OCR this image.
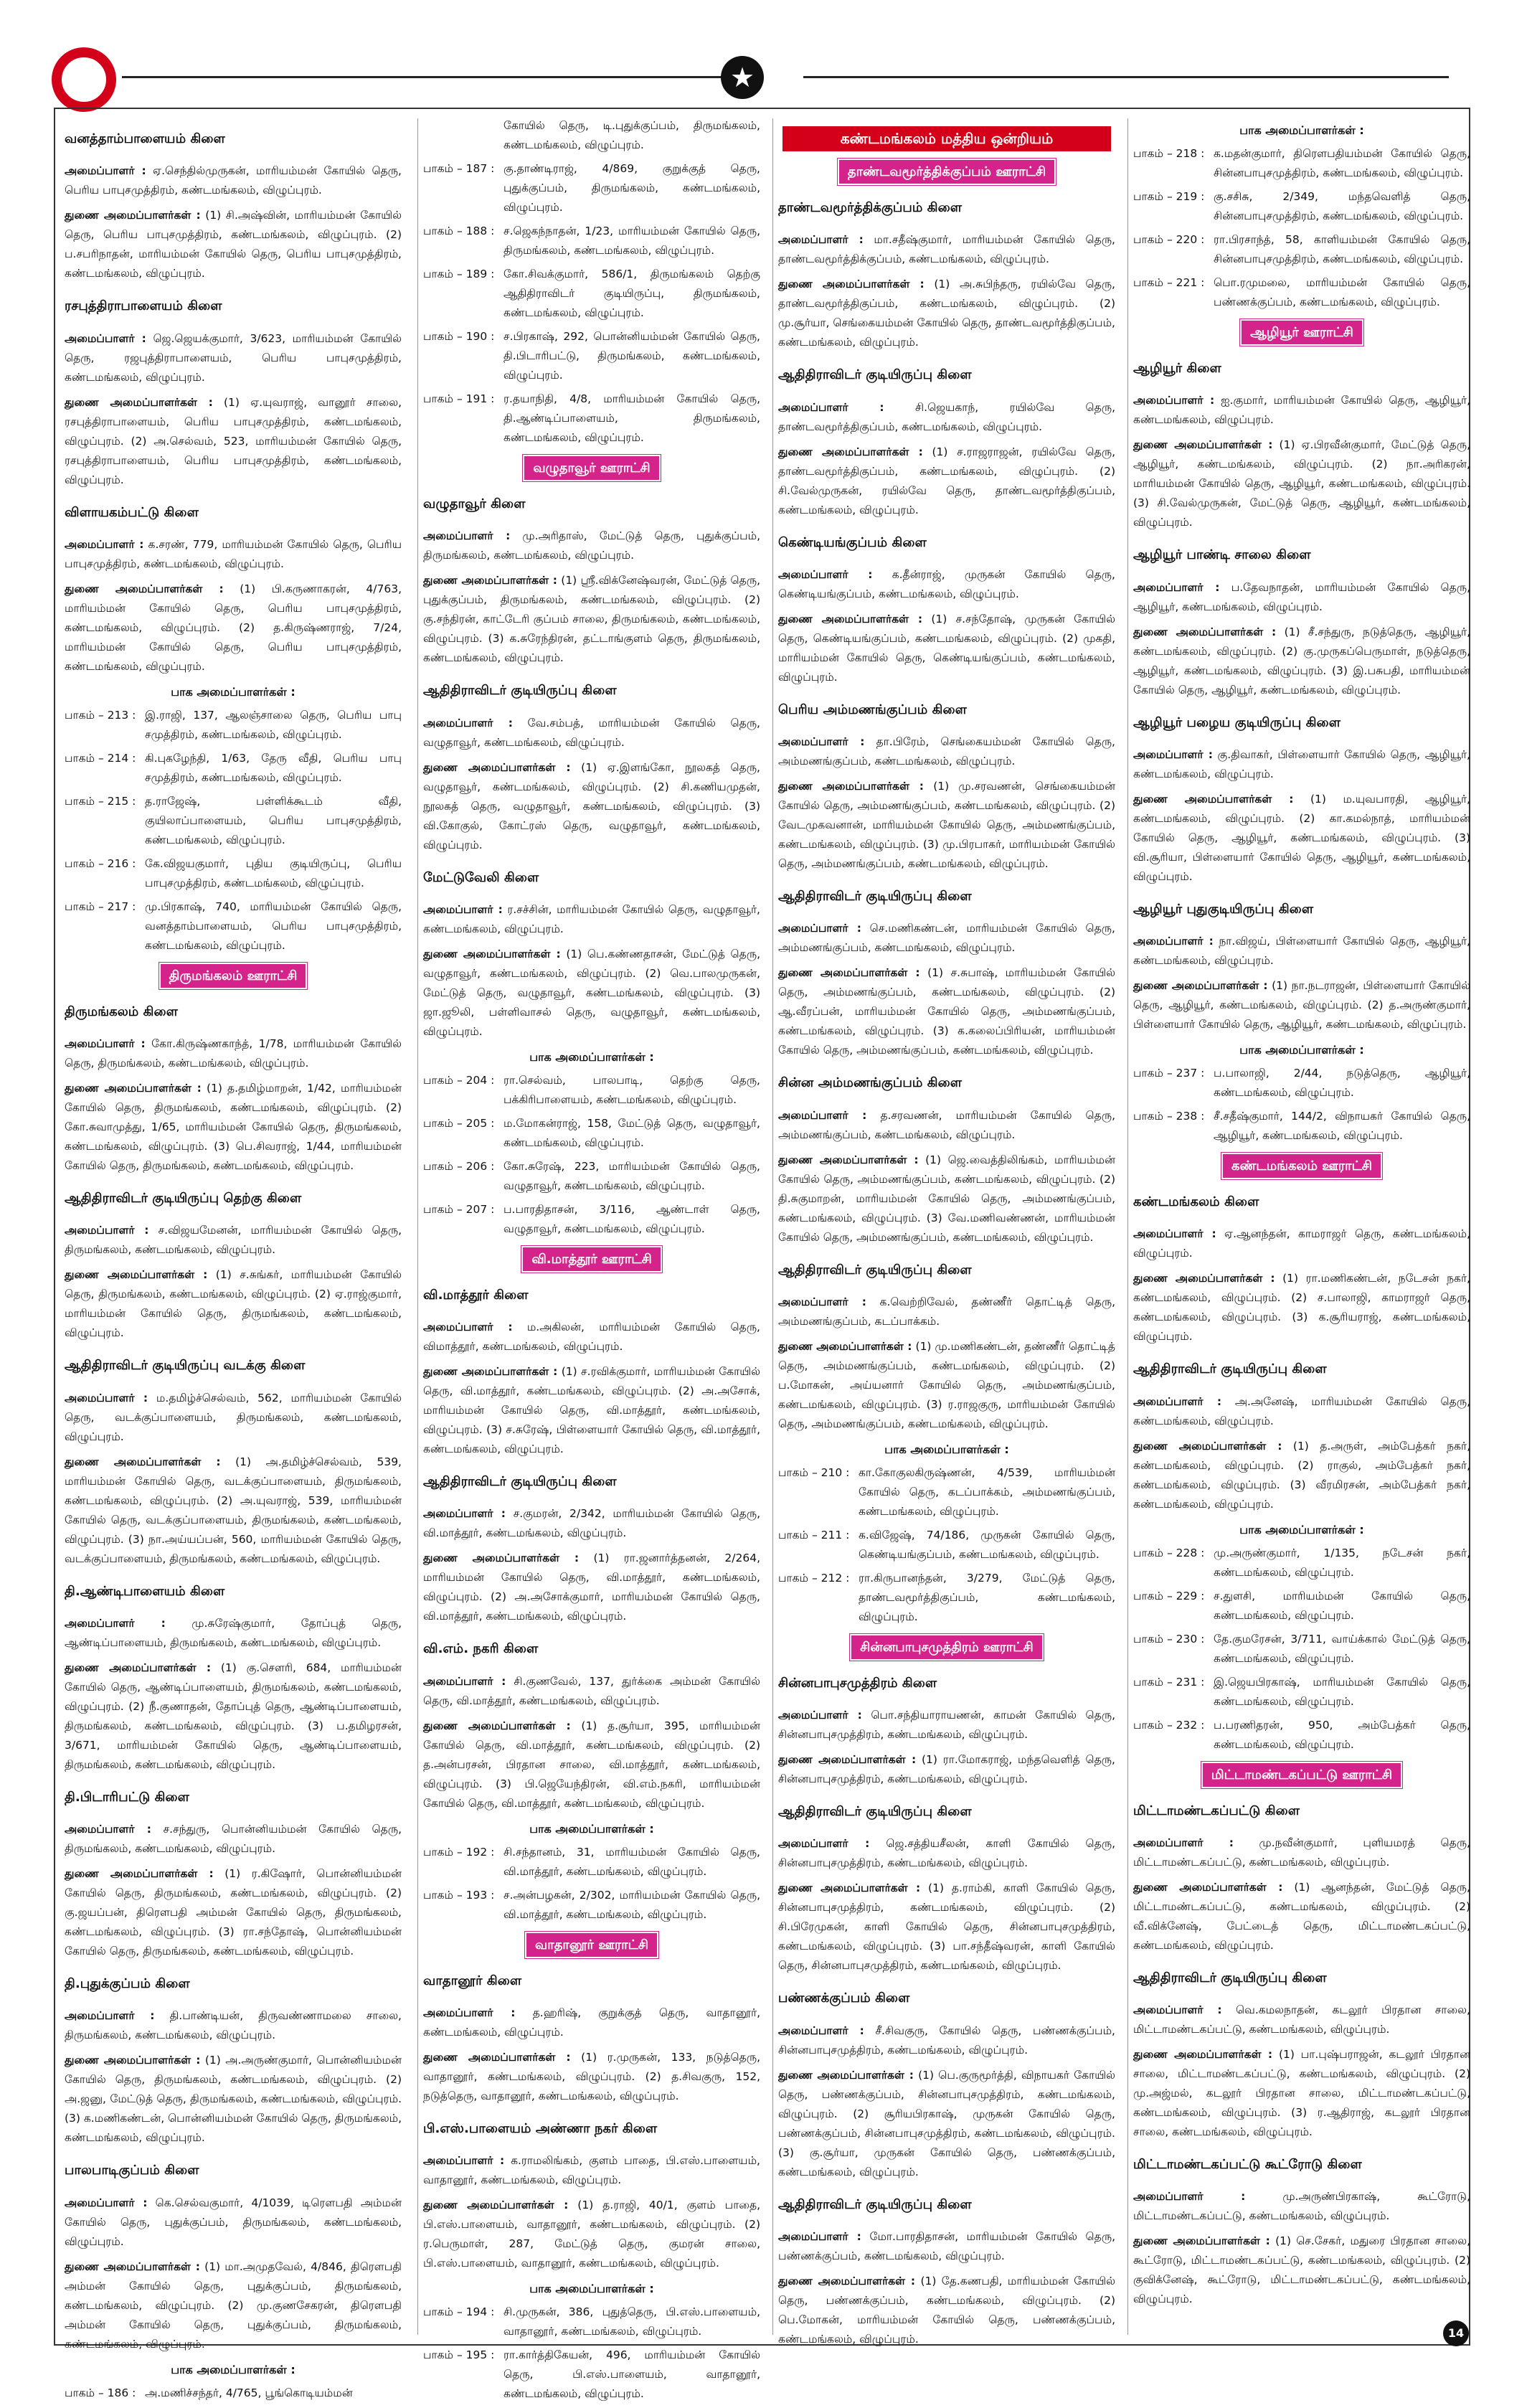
★
வனத்தாம்பாளையம் கிளை

அமைப்பாளர் : ஏ.செந்தில்முருகன், மாரியம்மன் கோயில் தெரு, பெரிய பாபுசமுத்திரம், கண்டமங்கலம், விழுப்புரம்.

துணை அமைப்பாளர்கள் : (1) சி.அஷ்வின், மாரியம்மன் கோயில் தெரு, பெரிய பாபுசமுத்திரம், கண்டமங்கலம், விழுப்புரம். (2) ப.சபரிநாதன், மாரியம்மன் கோயில் தெரு, பெரிய பாபுசமுத்திரம், கண்டமங்கலம், விழுப்புரம்.

ரசபுத்திராபாளையம் கிளை

அமைப்பாளர் : ஜெ.ஜெயக்குமார், 3/623, மாரியம்மன் கோயில் தெரு, ரஜபுத்திராபாளையம், பெரிய பாபுசமுத்திரம், கண்டமங்கலம், விழுப்புரம்.

துணை அமைப்பாளர்கள் : (1) ஏ.யுவராஜ், வானூர் சாலை, ரசபுத்திராபாளையம், பெரிய பாபுசமுத்திரம், கண்டமங்கலம், விழுப்புரம். (2) அ.செல்வம், 523, மாரியம்மன் கோயில் தெரு, ரசபுத்திராபாளையம், பெரிய பாபுசமுத்திரம், கண்டமங்கலம், விழுப்புரம்.

விளாயகம்பட்டு கிளை

அமைப்பாளர் : க.சரண், 779, மாரியம்மன் கோயில் தெரு, பெரிய பாபுசமுத்திரம், கண்டமங்கலம், விழுப்புரம்.

துணை அமைப்பாளர்கள் : (1) பி.கருணாகரன், 4/763, மாரியம்மன் கோயில் தெரு, பெரிய பாபுசமுத்திரம், கண்டமங்கலம், விழுப்புரம். (2) த.கிருஷ்ணராஜ், 7/24, மாரியம்மன் கோயில் தெரு, பெரிய பாபுசமுத்திரம், கண்டமங்கலம், விழுப்புரம்.

பாக அமைப்பாளர்கள் :
பாகம் – 213 : இ.ராஜி, 137, ஆலஞ்சாலை தெரு, பெரிய பாபு சமுத்திரம், கண்டமங்கலம், விழுப்புரம்.
பாகம் – 214 : கி.புகழேந்தி, 1/63, தேரு வீதி, பெரிய பாபு சமுத்திரம், கண்டமங்கலம், விழுப்புரம்.
பாகம் – 215 : த.ராஜேஷ், பள்ளிக்கூடம் வீதி, குயிலாப்பாளையம், பெரிய பாபுசமுத்திரம், கண்டமங்கலம், விழுப்புரம்.
பாகம் – 216 : கே.விஜயகுமார், புதிய குடியிருப்பு, பெரிய பாபுசமுத்திரம், கண்டமங்கலம், விழுப்புரம்.
பாகம் – 217 : மு.பிரகாஷ், 740, மாரியம்மன் கோயில் தெரு, வனத்தாம்பாளையம், பெரிய பாபுசமுத்திரம், கண்டமங்கலம், விழுப்புரம்.
திருமங்கலம் ஊராட்சி
திருமங்கலம் கிளை

அமைப்பாளர் : கோ.கிருஷ்ணகாந்த், 1/78, மாரியம்மன் கோயில் தெரு, திருமங்கலம், கண்டமங்கலம், விழுப்புரம்.

துணை அமைப்பாளர்கள் : (1) த.தமிழ்மாறன், 1/42, மாரியம்மன் கோயில் தெரு, திருமங்கலம், கண்டமங்கலம், விழுப்புரம். (2) கோ.சுவாமுத்து, 1/65, மாரியம்மன் கோயில் தெரு, திருமங்கலம், கண்டமங்கலம், விழுப்புரம். (3) பெ.சிவராஜ், 1/44, மாரியம்மன் கோயில் தெரு, திருமங்கலம், கண்டமங்கலம், விழுப்புரம்.

ஆதிதிராவிடர் குடியிருப்பு தெற்கு கிளை

அமைப்பாளர் : ச.விஜயமேனன், மாரியம்மன் கோயில் தெரு, திருமங்கலம், கண்டமங்கலம், விழுப்புரம்.

துணை அமைப்பாளர்கள் : (1) ச.சுங்கர், மாரியம்மன் கோயில் தெரு, திருமங்கலம், கண்டமங்கலம், விழுப்புரம். (2) ஏ.ராஜ்குமார், மாரியம்மன் கோயில் தெரு, திருமங்கலம், கண்டமங்கலம், விழுப்புரம்.

ஆதிதிராவிடர் குடியிருப்பு வடக்கு கிளை

அமைப்பாளர் : ம.தமிழ்ச்செல்வம், 562, மாரியம்மன் கோயில் தெரு, வடக்குப்பாளையம், திருமங்கலம், கண்டமங்கலம், விழுப்புரம்.

துணை அமைப்பாளர்கள் : (1) அ.தமிழ்ச்செல்வம், 539, மாரியம்மன் கோயில் தெரு, வடக்குப்பாளையம், திருமங்கலம், கண்டமங்கலம், விழுப்புரம். (2) அ.யுவராஜ், 539, மாரியம்மன் கோயில் தெரு, வடக்குப்பாளையம், திருமங்கலம், கண்டமங்கலம், விழுப்புரம். (3) நா.அய்யப்பன், 560, மாரியம்மன் கோயில் தெரு, வடக்குப்பாளையம், திருமங்கலம், கண்டமங்கலம், விழுப்புரம்.

தி.ஆண்டிபாளையம் கிளை

அமைப்பாளர் : மு.சுரேஷ்குமார், தோப்புத் தெரு, ஆண்டிப்பாளையம், திருமங்கலம், கண்டமங்கலம், விழுப்புரம்.

துணை அமைப்பாளர்கள் : (1) கு.சௌரி, 684, மாரியம்மன் கோயில் தெரு, ஆண்டிப்பாளையம், திருமங்கலம், கண்டமங்கலம், விழுப்புரம். (2) நீ.குணாதன், தோப்புத் தெரு, ஆண்டிப்பாளையம், திருமங்கலம், கண்டமங்கலம், விழுப்புரம். (3) ப.தமிழரசன், 3/671, மாரியம்மன் கோயில் தெரு, ஆண்டிப்பாளையம், திருமங்கலம், கண்டமங்கலம், விழுப்புரம்.

தி.பிடாரிபட்டு கிளை

அமைப்பாளர் : ச.சந்துரு, பொன்னியம்மன் கோயில் தெரு, திருமங்கலம், கண்டமங்கலம், விழுப்புரம்.

துணை அமைப்பாளர்கள் : (1) ர.கிஷோர், பொன்னியம்மன் கோயில் தெரு, திருமங்கலம், கண்டமங்கலம், விழுப்புரம். (2) கு.ஜயப்பன், திரௌபதி அம்மன் கோயில் தெரு, திருமங்கலம், கண்டமங்கலம், விழுப்புரம். (3) ரா.சந்தோஷ், பொன்னியம்மன் கோயில் தெரு, திருமங்கலம், கண்டமங்கலம், விழுப்புரம்.

தி.புதுக்குப்பம் கிளை

அமைப்பாளர் : தி.பாண்டியன், திருவண்ணாமலை சாலை, திருமங்கலம், கண்டமங்கலம், விழுப்புரம்.

துணை அமைப்பாளர்கள் : (1) அ.அருண்குமார், பொன்னியம்மன் கோயில் தெரு, திருமங்கலம், கண்டமங்கலம், விழுப்புரம். (2) அ.ஜனு, மேட்டுத் தெரு, திருமங்கலம், கண்டமங்கலம், விழுப்புரம். (3) க.மணிகண்டன், பொன்னியம்மன் கோயில் தெரு, திருமங்கலம், கண்டமங்கலம், விழுப்புரம்.

பாலபாடிகுப்பம் கிளை

அமைப்பாளர் : கெ.செல்வகுமார், 4/1039, டிரௌபதி அம்மன் கோயில் தெரு, புதுக்குப்பம், திருமங்கலம், கண்டமங்கலம், விழுப்புரம்.

துணை அமைப்பாளர்கள் : (1) மா.அமுதவேல், 4/846, திரௌபதி அம்மன் கோயில் தெரு, புதுக்குப்பம், திருமங்கலம், கண்டமங்கலம், விழுப்புரம். (2) மு.குணசேகரன், திரௌபதி அம்மன் கோயில் தெரு, புதுக்குப்பம், திருமங்கலம், கண்டமங்கலம், விழுப்புரம்.

பாக அமைப்பாளர்கள் :
பாகம் – 186 : அ.மணிச்சந்தர், 4/765, பூங்கொடியம்மன்
கோயில் தெரு, டி.புதுக்குப்பம், திருமங்கலம், கண்டமங்கலம், விழுப்புரம்.
பாகம் – 187 : கு.தாண்டிராஜ், 4/869, குறுக்குத் தெரு, புதுக்குப்பம், திருமங்கலம், கண்டமங்கலம், விழுப்புரம்.
பாகம் – 188 : ச.ஜெகந்நாதன், 1/23, மாரியம்மன் கோயில் தெரு, திருமங்கலம், கண்டமங்கலம், விழுப்புரம்.
பாகம் – 189 : கோ.சிவக்குமார், 586/1, திருமங்கலம் தெற்கு ஆதிதிராவிடர் குடியிருப்பு, திருமங்கலம், கண்டமங்கலம், விழுப்புரம்.
பாகம் – 190 : ச.பிரகாஷ், 292, பொன்னியம்மன் கோயில் தெரு, தி.பிடாரிபட்டு, திருமங்கலம், கண்டமங்கலம், விழுப்புரம்.
பாகம் – 191 : ர.தயாநிதி, 4/8, மாரியம்மன் கோயில் தெரு, தி.ஆண்டிப்பாளையம், திருமங்கலம், கண்டமங்கலம், விழுப்புரம்.
வழுதாவூர் ஊராட்சி
வழுதாவூர் கிளை

அமைப்பாளர் : மு.அரிதாஸ், மேட்டுத் தெரு, புதுக்குப்பம், திருமங்கலம், கண்டமங்கலம், விழுப்புரம்.

துணை அமைப்பாளர்கள் : (1) ஸ்ரீ.விக்னேஷ்வரன், மேட்டுத் தெரு, புதுக்குப்பம், திருமங்கலம், கண்டமங்கலம், விழுப்புரம். (2) கு.சந்திரன், காட்டேரி குப்பம் சாலை, திருமங்கலம், கண்டமங்கலம், விழுப்புரம். (3) க.சுரேந்திரன், தட்டாங்குளம் தெரு, திருமங்கலம், கண்டமங்கலம், விழுப்புரம்.

ஆதிதிராவிடர் குடியிருப்பு கிளை

அமைப்பாளர் : வே.சம்பத், மாரியம்மன் கோயில் தெரு, வழுதாவூர், கண்டமங்கலம், விழுப்புரம்.

துணை அமைப்பாளர்கள் : (1) ஏ.இளங்கோ, நூலகத் தெரு, வழுதாவூர், கண்டமங்கலம், விழுப்புரம். (2) சி.கணியமுதன், நூலகத் தெரு, வழுதாவூர், கண்டமங்கலம், விழுப்புரம். (3) வி.கோகுல், கோட்ரஸ் தெரு, வழுதாவூர், கண்டமங்கலம், விழுப்புரம்.

மேட்டுவேலி கிளை

அமைப்பாளர் : ர.சச்சின், மாரியம்மன் கோயில் தெரு, வழுதாவூர், கண்டமங்கலம், விழுப்புரம்.

துணை அமைப்பாளர்கள் : (1) பெ.கண்ணதாசன், மேட்டுத் தெரு, வழுதாவூர், கண்டமங்கலம், விழுப்புரம். (2) வெ.பாலமுருகன், மேட்டுத் தெரு, வழுதாவூர், கண்டமங்கலம், விழுப்புரம். (3) ஜா.ஜூலி, பள்ளிவாசல் தெரு, வழுதாவூர், கண்டமங்கலம், விழுப்புரம்.

பாக அமைப்பாளர்கள் :
பாகம் – 204 : ரா.செல்வம், பாலபாடி, தெற்கு தெரு, பக்கிரிபாளையம், கண்டமங்கலம், விழுப்புரம்.
பாகம் – 205 : ம.மோகன்ராஜ், 158, மேட்டுத் தெரு, வழுதாவூர், கண்டமங்கலம், விழுப்புரம்.
பாகம் – 206 : கோ.சுரேஷ், 223, மாரியம்மன் கோயில் தெரு, வழுதாவூர், கண்டமங்கலம், விழுப்புரம்.
பாகம் – 207 : ப.பாரதிதாசன், 3/116, ஆண்டாள் தெரு, வழுதாவூர், கண்டமங்கலம், விழுப்புரம்.
வி.மாத்தூர் ஊராட்சி
வி.மாத்தூர் கிளை

அமைப்பாளர் : ம.அகிலன், மாரியம்மன் கோயில் தெரு, விமாத்தூர், கண்டமங்கலம், விழுப்புரம்.

துணை அமைப்பாளர்கள் : (1) ச.ரவிக்குமார், மாரியம்மன் கோயில் தெரு, வி.மாத்தூர், கண்டமங்கலம், விழுப்புரம். (2) அ.அசோக், மாரியம்மன் கோயில் தெரு, வி.மாத்தூர், கண்டமங்கலம், விழுப்புரம். (3) ச.சுரேஷ், பிள்ளையார் கோயில் தெரு, வி.மாத்தூர், கண்டமங்கலம், விழுப்புரம்.

ஆதிதிராவிடர் குடியிருப்பு கிளை

அமைப்பாளர் : ச.குமரன், 2/342, மாரியம்மன் கோயில் தெரு, வி.மாத்தூர், கண்டமங்கலம், விழுப்புரம்.

துணை அமைப்பாளர்கள் : (1) ரா.ஜனார்த்தனன், 2/264, மாரியம்மன் கோயில் தெரு, வி.மாத்தூர், கண்டமங்கலம், விழுப்புரம். (2) அ.அசோக்குமார், மாரியம்மன் கோயில் தெரு, வி.மாத்தூர், கண்டமங்கலம், விழுப்புரம்.

வி.எம். நகரி கிளை

அமைப்பாளர் : சி.குணவேல், 137, துர்க்கை அம்மன் கோயில் தெரு, வி.மாத்தூர், கண்டமங்கலம், விழுப்புரம்.

துணை அமைப்பாளர்கள் : (1) த.சூர்யா, 395, மாரியம்மன் கோயில் தெரு, வி.மாத்தூர், கண்டமங்கலம், விழுப்புரம். (2) த.அன்பரசன், பிரதான சாலை, வி.மாத்தூர், கண்டமங்கலம், விழுப்புரம். (3) பி.ஜெயேந்திரன், வி.எம்.நகரி, மாரியம்மன் கோயில் தெரு, வி.மாத்தூர், கண்டமங்கலம், விழுப்புரம்.

பாக அமைப்பாளர்கள் :
பாகம் – 192 : சி.சந்தானம், 31, மாரியம்மன் கோயில் தெரு, வி.மாத்தூர், கண்டமங்கலம், விழுப்புரம்.
பாகம் – 193 : ச.அன்பழகன், 2/302, மாரியம்மன் கோயில் தெரு, வி.மாத்தூர், கண்டமங்கலம், விழுப்புரம்.
வாதானூர் ஊராட்சி
வாதானூர் கிளை

அமைப்பாளர் : த.ஹரிஷ், குறுக்குத் தெரு, வாதானூர், கண்டமங்கலம், விழுப்புரம்.

துணை அமைப்பாளர்கள் : (1) ர.முருகன், 133, நடுத்தெரு, வாதானூர், கண்டமங்கலம், விழுப்புரம். (2) த.சிவகுரு, 152, நடுத்தெரு, வாதானூர், கண்டமங்கலம், விழுப்புரம்.

பி.எஸ்.பாளையம் அண்ணா நகர் கிளை

அமைப்பாளர் : க.ராமலிங்கம், குளம் பாதை, பி.எஸ்.பாளையம், வாதானூர், கண்டமங்கலம், விழுப்புரம்.

துணை அமைப்பாளர்கள் : (1) த.ராஜி, 40/1, குளம் பாதை, பி.எஸ்.பாளையம், வாதானூர், கண்டமங்கலம், விழுப்புரம். (2) ர.பெருமாள், 287, மேட்டுத் தெரு, குமரன் சாலை, பி.எஸ்.பாளையம், வாதானூர், கண்டமங்கலம், விழுப்புரம்.

பாக அமைப்பாளர்கள் :
பாகம் – 194 : சி.முருகன், 386, புதுத்தெரு, பி.எஸ்.பாளையம், வாதானூர், கண்டமங்கலம், விழுப்புரம்.
பாகம் – 195 : ரா.கார்த்திகேயன், 496, மாரியம்மன் கோயில் தெரு, பி.எஸ்.பாளையம், வாதானூர், கண்டமங்கலம், விழுப்புரம்.
கண்டமங்கலம் மத்திய ஒன்றியம்
தாண்டவமூர்த்திக்குப்பம் ஊராட்சி
தாண்டவமூர்த்திக்குப்பம் கிளை

அமைப்பாளர் : மா.சதீஷ்குமார், மாரியம்மன் கோயில் தெரு, தாண்டவமூர்த்திக்குப்பம், கண்டமங்கலம், விழுப்புரம்.

துணை அமைப்பாளர்கள் : (1) அ.சுபிந்தரு, ரயில்வே தெரு, தாண்டவமூர்த்திகுப்பம், கண்டமங்கலம், விழுப்புரம். (2) மு.சூர்யா, செங்கையம்மன் கோயில் தெரு, தாண்டவமூர்த்திகுப்பம், கண்டமங்கலம், விழுப்புரம்.

ஆதிதிராவிடர் குடியிருப்பு கிளை

அமைப்பாளர் :	சி.ஜெயகாந், ரயில்வே தெரு, தாண்டவமூர்த்திகுப்பம், கண்டமங்கலம், விழுப்புரம்.

துணை அமைப்பாளர்கள் : (1) ச.ராஜராஜன், ரயில்வே தெரு, தாண்டவமூர்த்திகுப்பம், கண்டமங்கலம், விழுப்புரம். (2) சி.வேல்முருகன், ரயில்வே தெரு, தாண்டவமூர்த்திகுப்பம், கண்டமங்கலம், விழுப்புரம்.

கெண்டியங்குப்பம் கிளை

அமைப்பாளர் : க.தீன்ராஜ், முருகன் கோயில் தெரு, கெண்டியங்குப்பம், கண்டமங்கலம், விழுப்புரம்.

துணை அமைப்பாளர்கள் : (1) ச.சந்தோஷ், முருகன் கோயில் தெரு, கெண்டியங்குப்பம், கண்டமங்கலம், விழுப்புரம். (2) முகதி, மாரியம்மன் கோயில் தெரு, கெண்டியங்குப்பம், கண்டமங்கலம், விழுப்புரம்.

பெரிய அம்மணங்குப்பம் கிளை

அமைப்பாளர் : தா.பிரேம், செங்கையம்மன் கோயில் தெரு, அம்மணங்குப்பம், கண்டமங்கலம், விழுப்புரம்.

துணை அமைப்பாளர்கள் : (1) மு.சரவணன், செங்கையம்மன் கோயில் தெரு, அம்மணங்குப்பம், கண்டமங்கலம், விழுப்புரம். (2) வேடமுகவனான், மாரியம்மன் கோயில் தெரு, அம்மணங்குப்பம், கண்டமங்கலம், விழுப்புரம். (3) மு.பிரபாகர், மாரியம்மன் கோயில் தெரு, அம்மணங்குப்பம், கண்டமங்கலம், விழுப்புரம்.

ஆதிதிராவிடர் குடியிருப்பு கிளை

அமைப்பாளர் : செ.மணிகண்டன், மாரியம்மன் கோயில் தெரு, அம்மணங்குப்பம், கண்டமங்கலம், விழுப்புரம்.

துணை அமைப்பாளர்கள் : (1) ச.சுபாஷ், மாரியம்மன் கோயில் தெரு, அம்மணங்குப்பம், கண்டமங்கலம், விழுப்புரம். (2) ஆ.வீரப்பன், மாரியம்மன் கோயில் தெரு, அம்மணங்குப்பம், கண்டமங்கலம், விழுப்புரம். (3) க.கலைப்பிரியன், மாரியம்மன் கோயில் தெரு, அம்மணங்குப்பம், கண்டமங்கலம், விழுப்புரம்.

சின்ன அம்மணங்குப்பம் கிளை

அமைப்பாளர் : த.சரவணன், மாரியம்மன் கோயில் தெரு, அம்மணங்குப்பம், கண்டமங்கலம், விழுப்புரம்.

துணை அமைப்பாளர்கள் : (1) ஜெ.வைத்திலிங்கம், மாரியம்மன் கோயில் தெரு, அம்மணங்குப்பம், கண்டமங்கலம், விழுப்புரம். (2) தி.சுகுமாறன், மாரியம்மன் கோயில் தெரு, அம்மணங்குப்பம், கண்டமங்கலம், விழுப்புரம். (3) வே.மணிவண்ணன், மாரியம்மன் கோயில் தெரு, அம்மணங்குப்பம், கண்டமங்கலம், விழுப்புரம்.

ஆதிதிராவிடர் குடியிருப்பு கிளை

அமைப்பாளர் : க.வெற்றிவேல், தண்ணீர் தொட்டித் தெரு, அம்மணங்குப்பம், கடப்பாக்கம்.

துணை அமைப்பாளர்கள் : (1) மு.மணிகண்டன், தண்ணீர் தொட்டித் தெரு, அம்மணங்குப்பம், கண்டமங்கலம், விழுப்புரம். (2) ப.மோகன், அய்யனார் கோயில் தெரு, அம்மணங்குப்பம், கண்டமங்கலம், விழுப்புரம். (3) ர.ராஜகுரு, மாரியம்மன் கோயில் தெரு, அம்மணங்குப்பம், கண்டமங்கலம், விழுப்புரம்.

பாக அமைப்பாளர்கள் :
பாகம் – 210 : கா.கோகுலகிருஷ்ணன், 4/539, மாரியம்மன் கோயில் தெரு, கடப்பாக்கம், அம்மணங்குப்பம், கண்டமங்கலம், விழுப்புரம்.
பாகம் – 211 : க.விஜேஷ், 74/186, முருகன் கோயில் தெரு, கெண்டியங்குப்பம், கண்டமங்கலம், விழுப்புரம்.
பாகம் – 212 : ரா.கிருபானந்தன், 3/279, மேட்டுத் தெரு, தாண்டவமூர்த்திகுப்பம், கண்டமங்கலம், விழுப்புரம்.
சின்னபாபுசமுத்திரம் ஊராட்சி
சின்னபாபுசமுத்திரம் கிளை

அமைப்பாளர் : பொ.சந்தியாராயணன், காமன் கோயில் தெரு, சின்னபாபுசமுத்திரம், கண்டமங்கலம், விழுப்புரம்.

துணை அமைப்பாளர்கள் : (1) ரா.மோகராஜ், மந்தவெளித் தெரு, சின்னபாபுசமுத்திரம், கண்டமங்கலம், விழுப்புரம்.

ஆதிதிராவிடர் குடியிருப்பு கிளை

அமைப்பாளர் : ஜெ.சத்தியசீலன், காளி கோயில் தெரு, சின்னபாபுசமுத்திரம், கண்டமங்கலம், விழுப்புரம்.

துணை அமைப்பாளர்கள் : (1) த.ராம்கி, காளி கோயில் தெரு, சின்னபாபுசமுத்திரம், கண்டமங்கலம், விழுப்புரம். (2) சி.பிரேமுகன், காளி கோயில் தெரு, சின்னபாபுசமுத்திரம், கண்டமங்கலம், விழுப்புரம். (3) பா.சந்தீஷ்வரன், காளி கோயில் தெரு, சின்னபாபுசமுத்திரம், கண்டமங்கலம், விழுப்புரம்.

பண்ணக்குப்பம் கிளை

அமைப்பாளர் : சீ.சிவகுரு, கோயில் தெரு, பண்ணக்குப்பம், சின்னபாபுசமுத்திரம், கண்டமங்கலம், விழுப்புரம்.

துணை அமைப்பாளர்கள் : (1) பெ.குருமூர்த்தி, விநாயகர் கோயில் தெரு, பண்ணக்குப்பம், சின்னபாபுசமுத்திரம், கண்டமங்கலம், விழுப்புரம். (2) சூரியபிரகாஷ், முருகன் கோயில் தெரு, பண்ணக்குப்பம், சின்னபாபுசமுத்திரம், கண்டமங்கலம், விழுப்புரம். (3) கு.சூர்யா, முருகன் கோயில் தெரு, பண்ணக்குப்பம், கண்டமங்கலம், விழுப்புரம்.

ஆதிதிராவிடர் குடியிருப்பு கிளை

அமைப்பாளர் : மோ.பாரதிதாசன், மாரியம்மன் கோயில் தெரு, பண்ணக்குப்பம், கண்டமங்கலம், விழுப்புரம்.

துணை அமைப்பாளர்கள் : (1) தே.கணபதி, மாரியம்மன் கோயில் தெரு, பண்ணக்குப்பம், கண்டமங்கலம், விழுப்புரம். (2) பெ.மோகன், மாரியம்மன் கோயில் தெரு, பண்ணக்குப்பம், கண்டமங்கலம், விழுப்புரம்.

பாக அமைப்பாளர்கள் :
பாகம் – 218 : க.மதன்குமார், திரௌபதியம்மன் கோயில் தெரு, சின்னபாபுசமுத்திரம், கண்டமங்கலம், விழுப்புரம்.
பாகம் – 219 : கு.சசிசு, 2/349, மந்தவெளித் தெரு, சின்னபாபுசமுத்திரம், கண்டமங்கலம், விழுப்புரம்.
பாகம் – 220 : ரா.பிரசாந்த், 58, காளியம்மன் கோயில் தெரு, சின்னபாபுசமுத்திரம், கண்டமங்கலம், விழுப்புரம்.
பாகம் – 221 : பொ.ரமுமலை, மாரியம்மன் கோயில் தெரு, பண்ணக்குப்பம், கண்டமங்கலம், விழுப்புரம்.
ஆழியூர் ஊராட்சி
ஆழியூர் கிளை

அமைப்பாளர் : ஐ.குமார், மாரியம்மன் கோயில் தெரு, ஆழியூர், கண்டமங்கலம், விழுப்புரம்.

துணை அமைப்பாளர்கள் : (1) ஏ.பிரவீன்குமார், மேட்டுத் தெரு, ஆழியூர், கண்டமங்கலம், விழுப்புரம். (2) நா.அரிகரன், மாரியம்மன் கோயில் தெரு, ஆழியூர், கண்டமங்கலம், விழுப்புரம். (3) சி.வேல்முருகன், மேட்டுத் தெரு, ஆழியூர், கண்டமங்கலம், விழுப்புரம்.

ஆழியூர் பாண்டி சாலை கிளை

அமைப்பாளர் : ப.தேவநாதன், மாரியம்மன் கோயில் தெரு, ஆழியூர், கண்டமங்கலம், விழுப்புரம்.

துணை அமைப்பாளர்கள் : (1) சீ.சந்துரு, நடுத்தெரு, ஆழியூர், கண்டமங்கலம், விழுப்புரம். (2) கு.முருகப்பெருமாள், நடுத்தெரு, ஆழியூர், கண்டமங்கலம், விழுப்புரம். (3) இ.பசுபதி, மாரியம்மன் கோயில் தெரு, ஆழியூர், கண்டமங்கலம், விழுப்புரம்.

ஆழியூர் பழைய குடியிருப்பு கிளை

அமைப்பாளர் : கு.திவாகர், பிள்ளையார் கோயில் தெரு, ஆழியூர், கண்டமங்கலம், விழுப்புரம்.

துணை அமைப்பாளர்கள் : (1) ம.யுவபாரதி, ஆழியூர், கண்டமங்கலம், விழுப்புரம். (2) கா.கமல்நாத், மாரியம்மன் கோயில் தெரு, ஆழியூர், கண்டமங்கலம், விழுப்புரம். (3) வி.சூரியா, பிள்ளையார் கோயில் தெரு, ஆழியூர், கண்டமங்கலம், விழுப்புரம்.

ஆழியூர் புதுகுடியிருப்பு கிளை

அமைப்பாளர் : நா.விஜய், பிள்ளையார் கோயில் தெரு, ஆழியூர், கண்டமங்கலம், விழுப்புரம்.

துணை அமைப்பாளர்கள் : (1) நா.நடராஜன், பிள்ளையார் கோயில் தெரு, ஆழியூர், கண்டமங்கலம், விழுப்புரம். (2) த.அருண்குமார், பிள்ளையார் கோயில் தெரு, ஆழியூர், கண்டமங்கலம், விழுப்புரம்.

பாக அமைப்பாளர்கள் :
பாகம் – 237 : ப.பாலாஜி, 2/44, நடுத்தெரு, ஆழியூர், கண்டமங்கலம், விழுப்புரம்.
பாகம் – 238 : சீ.சதீஷ்குமார், 144/2, விநாயகர் கோயில் தெரு, ஆழியூர், கண்டமங்கலம், விழுப்புரம்.
கண்டமங்கலம் ஊராட்சி
கண்டமங்கலம் கிளை

அமைப்பாளர் : ஏ.ஆனந்தன், காமராஜர் தெரு, கண்டமங்கலம், விழுப்புரம்.

துணை அமைப்பாளர்கள் : (1) ரா.மணிகண்டன், நடேசன் நகர், கண்டமங்கலம், விழுப்புரம். (2) ச.பாலாஜி, காமராஜர் தெரு, கண்டமங்கலம், விழுப்புரம். (3) க.சூரியராஜ், கண்டமங்கலம், விழுப்புரம்.

ஆதிதிராவிடர் குடியிருப்பு கிளை

அமைப்பாளர் : அ.அனேஷ், மாரியம்மன் கோயில் தெரு, கண்டமங்கலம், விழுப்புரம்.

துணை அமைப்பாளர்கள் : (1) த.அருள், அம்பேத்கர் நகர், கண்டமங்கலம், விழுப்புரம். (2) ராகுல், அம்பேத்கர் நகர், கண்டமங்கலம், விழுப்புரம். (3) வீரமிரசன், அம்பேத்கர் நகர், கண்டமங்கலம், விழுப்புரம்.

பாக அமைப்பாளர்கள் :
பாகம் – 228 : மு.அருண்குமார், 1/135, நடேசன் நகர், கண்டமங்கலம், விழுப்புரம்.
பாகம் – 229 : ச.துளசி, மாரியம்மன் கோயில் தெரு, கண்டமங்கலம், விழுப்புரம்.
பாகம் – 230 : தே.குமரேசன், 3/711, வாய்க்கால் மேட்டுத் தெரு, கண்டமங்கலம், விழுப்புரம்.
பாகம் – 231 : இ.ஜெயபிரகாஷ், மாரியம்மன் கோயில் தெரு, கண்டமங்கலம், விழுப்புரம்.
பாகம் – 232 : ப.பரணிதரன், 950, அம்பேத்கர் தெரு, கண்டமங்கலம், விழுப்புரம்.
மிட்டாமண்டகப்பட்டு ஊராட்சி
மிட்டாமண்டகப்பட்டு கிளை

அமைப்பாளர் : மு.நவீன்குமார், புளியமரத் தெரு, மிட்டாமண்டகப்பட்டு, கண்டமங்கலம், விழுப்புரம்.

துணை அமைப்பாளர்கள் : (1) ஆனந்தன், மேட்டுத் தெரு, மிட்டாமண்டகப்பட்டு, கண்டமங்கலம், விழுப்புரம். (2) வீ.விக்னேஷ், பேட்டைத் தெரு, மிட்டாமண்டகப்பட்டு, கண்டமங்கலம், விழுப்புரம்.

ஆதிதிராவிடர் குடியிருப்பு கிளை

அமைப்பாளர் : வெ.கமலநாதன், கடலூர் பிரதான சாலை, மிட்டாமண்டகப்பட்டு, கண்டமங்கலம், விழுப்புரம்.

துணை அமைப்பாளர்கள் : (1) பா.புஷ்பராஜன், கடலூர் பிரதான சாலை, மிட்டாமண்டகப்பட்டு, கண்டமங்கலம், விழுப்புரம். (2) மு.அஜ்மல், கடலூர் பிரதான சாலை, மிட்டாமண்டகப்பட்டு, கண்டமங்கலம், விழுப்புரம். (3) ர.ஆதிராஜ், கடலூர் பிரதான சாலை, கண்டமங்கலம், விழுப்புரம்.

மிட்டாமண்டகப்பட்டு கூட்ரோடு கிளை

அமைப்பாளர் :	மு.அருண்பிரகாஷ், கூட்ரோடு, மிட்டாமண்டகப்பட்டு, கண்டமங்கலம், விழுப்புரம்.

துணை அமைப்பாளர்கள் : (1) செ.சேகர், மதுரை பிரதான சாலை, கூட்ரோடு, மிட்டாமண்டகப்பட்டு, கண்டமங்கலம், விழுப்புரம். (2) குவிக்னேஷ், கூட்ரோடு, மிட்டாமண்டகப்பட்டு, கண்டமங்கலம், விழுப்புரம்.

14
